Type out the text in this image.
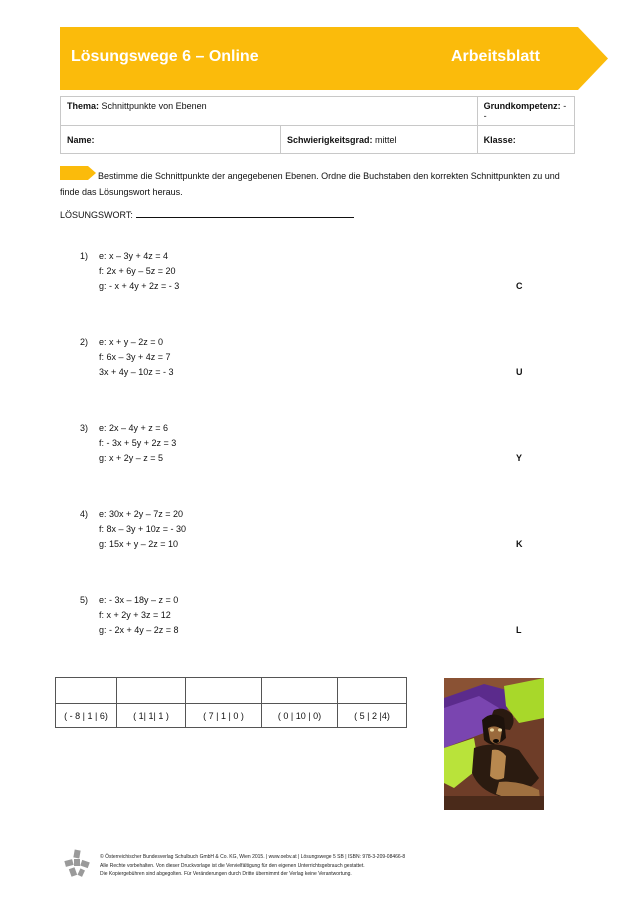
Lösungswege 6 – Online	Arbeitsblatt
Thema: Schnittpunkte von Ebenen		Grundkompetenz: --
Name:	Schwierigkeitsgrad: mittel	Klasse:

Bestimme die Schnittpunkte der angegebenen Ebenen. Ordne die Buchstaben den korrekten Schnittpunkten zu und finde das Lösungswort heraus.

LÖSUNGSWORT:
1) e: x – 3y + 4z = 4
f: 2x + 6y – 5z = 20
g: - x + 4y + 2z = - 3	C
2) e: x + y – 2z = 0
f: 6x – 3y + 4z = 7
3x + 4y – 10z = - 3	U
3) e: 2x – 4y + z = 6
f: - 3x + 5y + 2z = 3
g: x + 2y – z = 5	Y
4) e: 30x + 2y – 7z = 20
f: 8x – 3y + 10z = - 30
g: 15x + y – 2z = 10	K
5) e: - 3x – 18y – z = 0
f: x + 2y + 3z = 12
g: - 2x + 4y – 2z = 8	L

( - 8 | 1 | 6)	( 1| 1| 1 )	( 7 | 1 | 0 )	( 0 | 10 | 0)	( 5 | 2 |4)
© Österreichischer Bundesverlag Schulbuch GmbH & Co. KG, Wien 2015. | www.oebv.at | Lösungswege 5 SB | ISBN: 978-3-209-08466-8
Alle Rechte vorbehalten. Von dieser Druckvorlage ist die Vervielfältigung für den eigenen Unterrichtsgebrauch gestattet.
Die Kopiergebühren sind abgegolten. Für Veränderungen durch Dritte übernimmt der Verlag keine Verantwortung.
